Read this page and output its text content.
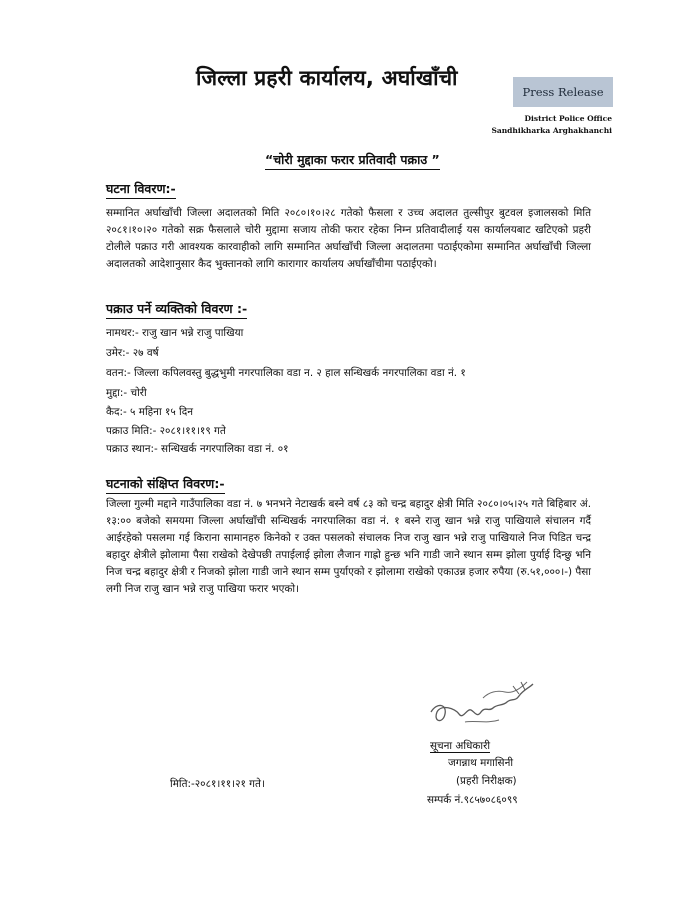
जिल्ला प्रहरी कार्यालय, अर्घाखाँची
Press Release
District Police Office
Sandhikharka Arghakhanchi
“चोरी मुद्दाका फरार प्रतिवादी पक्राउ ”
घटना विवरण:-

सम्मानित अर्घाखाँची जिल्ला अदालतको मिति २०८०।१०।२८ गतेको फैसला र उच्च अदालत तुल्सीपुर बुटवल इजालसको मिति २०८१।१०।२० गतेको सक्र फैसलाले चोरी मुद्दामा सजाय तोकी फरार रहेका निम्न प्रतिवादीलाई यस कार्यालयबाट खटिएको प्रहरी टोलीले पक्राउ गरी आवश्यक कारवाहीको लागि सम्मानित अर्घाखाँची जिल्ला अदालतमा पठाईएकोमा सम्मानित अर्घाखाँची जिल्ला अदालतको आदेशानुसार कैद भुक्तानको लागि कारागार कार्यालय अर्घाखाँचीमा पठाईएको।

पक्राउ पर्ने व्यक्तिको विवरण :-
नामथर:- राजु खान भन्ने राजु पाखिया
उमेर:- २७ वर्ष
वतन:- जिल्ला कपिलवस्तु बुद्धभुमी नगरपालिका वडा न. २ हाल सन्धिखर्क नगरपालिका वडा नं. १
मुद्दा:- चोरी
कैद:- ५ महिना १५ दिन
पक्राउ मिति:- २०८१।११।१९ गते
पक्राउ स्थान:- सन्धिखर्क नगरपालिका वडा नं. ०१
घटनाको संक्षिप्त विवरण:-

जिल्ला गुल्मी मद्दाने गाउँपालिका वडा नं. ७ भनभने नेटाखर्क बस्ने वर्ष ८३ को चन्द्र बहादुर क्षेत्री मिति २०८०।०५।२५ गते बिहिबार अं. १३:०० बजेको समयमा जिल्ला अर्घाखाँची सन्धिखर्क नगरपालिका वडा नं. १ बस्ने राजु खान भन्ने राजु पाखियाले संचालन गर्दै आईरहेको पसलमा गई किराना सामानहरु किनेको र उक्त पसलको संचालक निज राजु खान भन्ने राजु पाखियाले निज पिडित चन्द्र बहादुर क्षेत्रीले झोलामा पैसा राखेको देखेपछी तपाईलाई झोला लैजान गाह्रो हुन्छ भनि गाडी जाने स्थान सम्म झोला पुर्याई दिन्छु भनि निज चन्द्र बहादुर क्षेत्री र निजको झोला गाडी जाने स्थान सम्म पुर्याएको र झोलामा राखेको एकाउन्न हजार रुपैया (रु.५१,०००।-) पैसा लगी निज राजु खान भन्ने राजु पाखिया फरार भएको।

सूचना अधिकारी
जगन्नाथ मगासिनी
(प्रहरी निरीक्षक)
सम्पर्क नं.९८५७०८६०९९
मिति:-२०८१।११।२१ गते।
